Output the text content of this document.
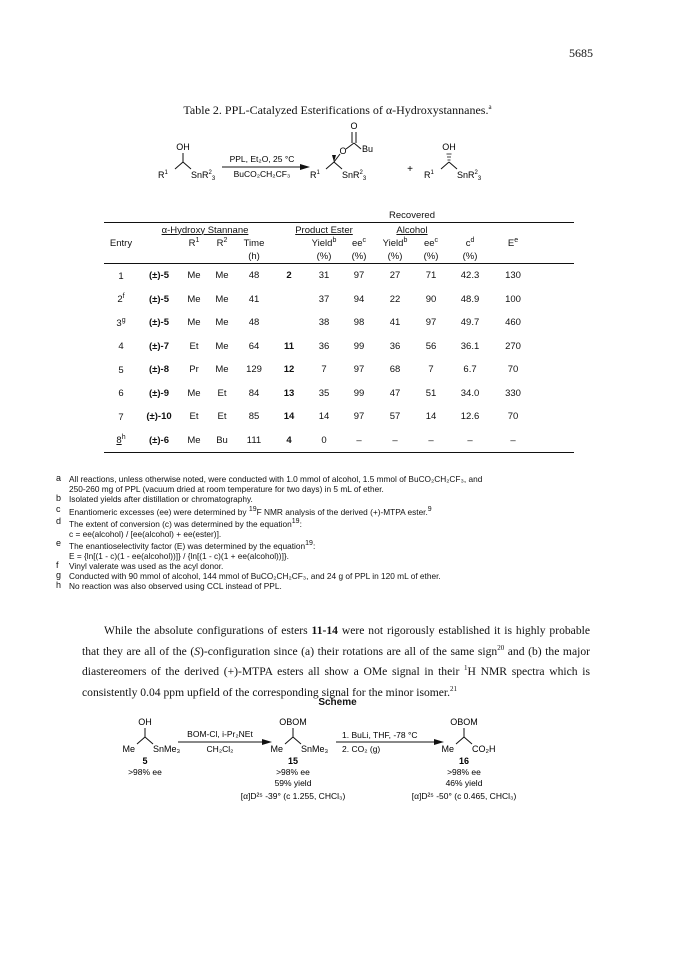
5685
Table 2. PPL-Catalyzed Esterifications of α-Hydroxystannanes.$^a$
OH
$R^1$	SnR$^2_3$
PPL, Et₂O, 25 °C
BuCO₂CH₂CF₃
O
O Bu
$R^1$ SnR$^2_3$
+
OH
$R^1$	SnR$^2_3$
								Recovered				
	α-Hydroxy Stannane				Product Ester			Alcohol				
Entry		$R^1$	$R^2$	Time		Yield$^b$	$ee^c$	Yield$^b$	$ee^c$	$c^d$	$E^e$	
				(h)		(%)	(%)	(%)	(%)	(%)		
1	(±)-5	Me	Me	48	2	31	97	27	71	42.3	130	
2$^f$	(±)-5	Me	Me	41		37	94	22	90	48.9	100	
3$^g$	(±)-5	Me	Me	48		38	98	41	97	49.7	460	
4	(±)-7	Et	Me	64	11	36	99	36	56	36.1	270	
5	(±)-8	Pr	Me	129	12	7	97	68	7	6.7	70	
6	(±)-9	Me	Et	84	13	35	99	47	51	34.0	330	
7	(±)-10	Et	Et	85	14	14	97	57	14	12.6	70	
8$^h$	(±)-6	Me	Bu	111	4	0	–	–	–	–	–	
a All reactions, unless otherwise noted, were conducted with 1.0 mmol of alcohol, 1.5 mmol of BuCO₂CH₂CF₃, and
250-260 mg of PPL (vacuum dried at room temperature for two days) in 5 mL of ether.
b Isolated yields after distillation or chromatography.
c Enantiomeric excesses (ee) were determined by $^{19}$F NMR analysis of the derived (+)-MTPA ester.$^9$
d The extent of conversion (c) was determined by the equation$^{19}$:
c = ee(alcohol) / [ee(alcohol) + ee(ester)].
e The enantioselectivity factor (E) was determined by the equation$^{19}$:
E = {ln[(1 - c)(1 - ee(alcohol))]} / {ln[(1 - c)(1 + ee(alcohol))]}.
f Vinyl valerate was used as the acyl donor.
g Conducted with 90 mmol of alcohol, 144 mmol of BuCO₂CH₂CF₃, and 24 g of PPL in 120 mL of ether.
h No reaction was also observed using CCL instead of PPL.
While the absolute configurations of esters 11-14 were not rigorously established it is highly probable that they are all of the (S)-configuration since (a) their rotations are all of the same sign$^{20}$ and (b) the major diastereomers of the derived (+)-MTPA esters all show a OMe signal in their $^1$H NMR spectra which is consistently 0.04 ppm upfield of the corresponding signal for the minor isomer.$^{21}$
Scheme
OH
Me SnMe₃
BOM-Cl, i-Pr₂NEt
CH₂Cl₂
OBOM
Me SnMe₃
1. BuLi, THF, -78 °C
2. CO₂ (g)
OBOM
Me CO₂H
5
>98% ee
15
>98% ee
59% yield
[α]D²⁵ -39° (c 1.255, CHCl₃)
16
>98% ee
46% yield
[α]D²⁵ -50° (c 0.465, CHCl₃)
